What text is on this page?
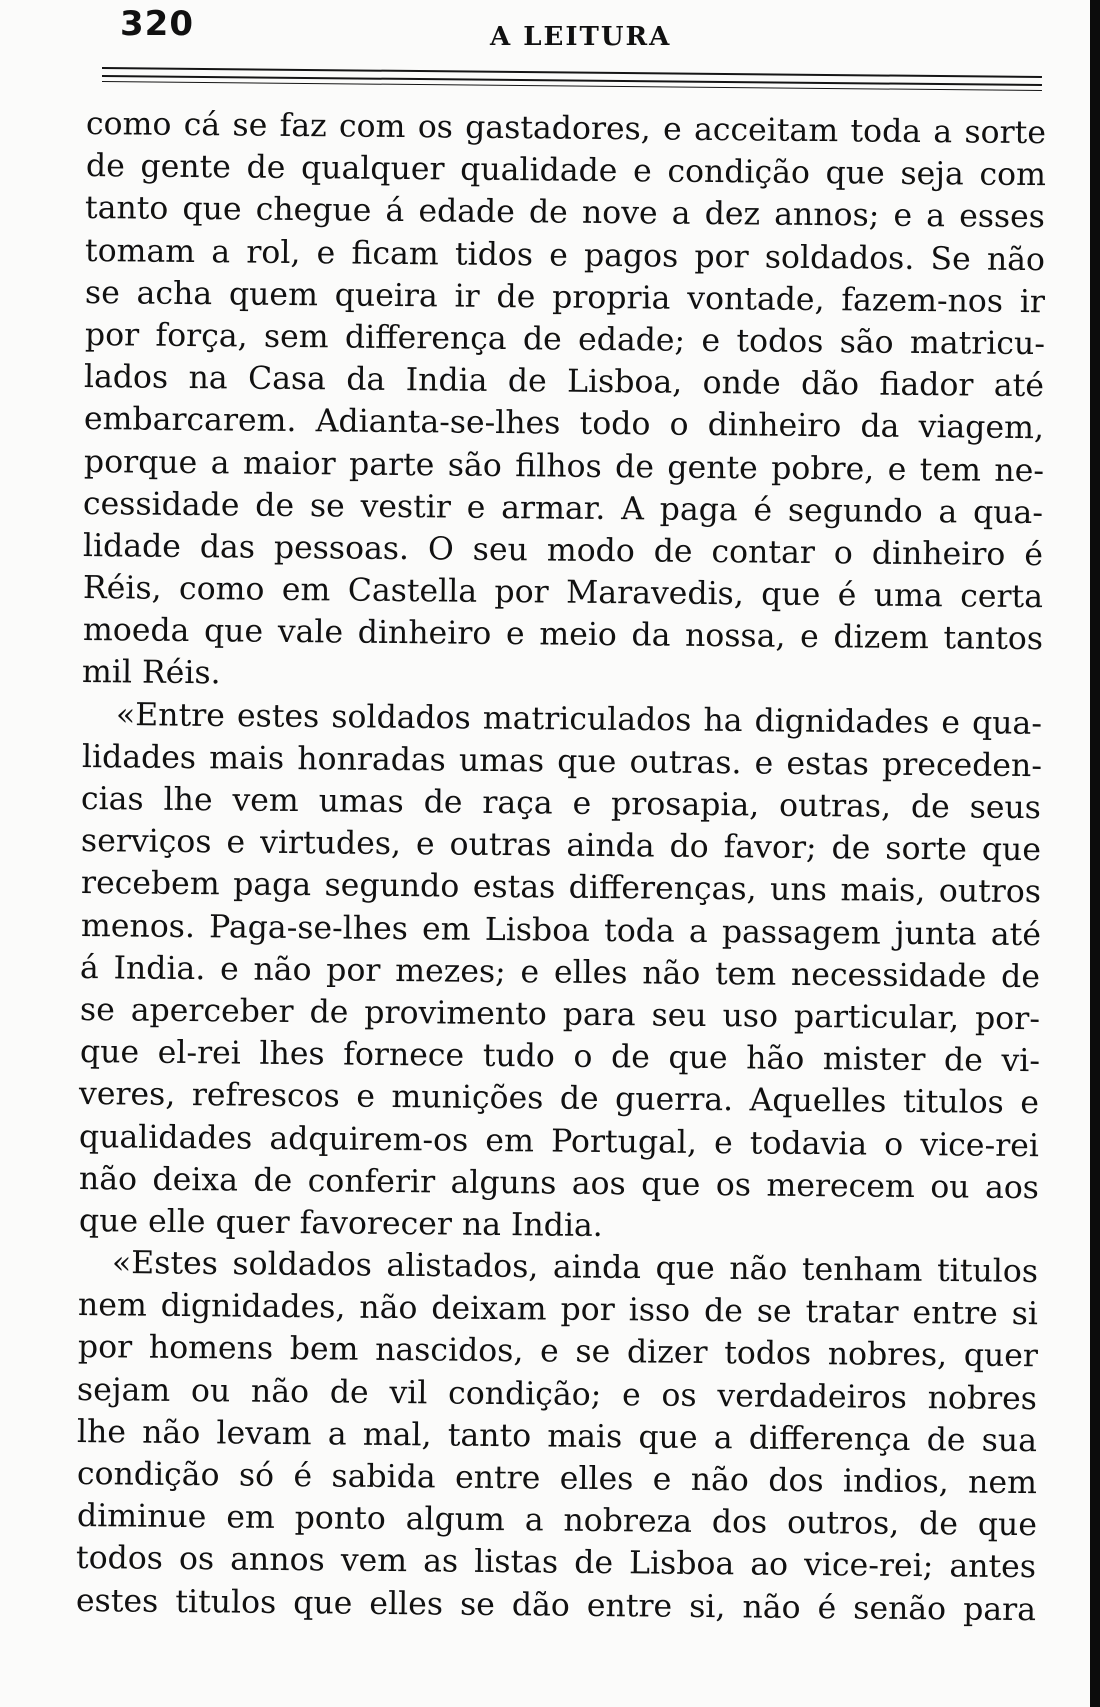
320	A LEITURA
como cá se faz com os gastadores, e acceitam toda a sorte
de gente de qualquer qualidade e condição que seja com
tanto que chegue á edade de nove a dez annos; e a esses
tomam a rol, e ficam tidos e pagos por soldados. Se não
se acha quem queira ir de propria vontade, fazem-nos ir
por força, sem differença de edade; e todos são matricu-
lados na Casa da India de Lisboa, onde dão fiador até
embarcarem. Adianta-se-lhes todo o dinheiro da viagem,
porque a maior parte são filhos de gente pobre, e tem ne-
cessidade de se vestir e armar. A paga é segundo a qua-
lidade das pessoas. O seu modo de contar o dinheiro é
Réis, como em Castella por Maravedis, que é uma certa
moeda que vale dinheiro e meio da nossa, e dizem tantos
mil Réis.
«Entre estes soldados matriculados ha dignidades e qua-
lidades mais honradas umas que outras. e estas preceden-
cias lhe vem umas de raça e prosapia, outras, de seus
serviços e virtudes, e outras ainda do favor; de sorte que
recebem paga segundo estas differenças, uns mais, outros
menos. Paga-se-lhes em Lisboa toda a passagem junta até
á India. e não por mezes; e elles não tem necessidade de
se aperceber de provimento para seu uso particular, por-
que el-rei lhes fornece tudo o de que hão mister de vi-
veres, refrescos e munições de guerra. Aquelles titulos e
qualidades adquirem-os em Portugal, e todavia o vice-rei
não deixa de conferir alguns aos que os merecem ou aos
que elle quer favorecer na India.
«Estes soldados alistados, ainda que não tenham titulos
nem dignidades, não deixam por isso de se tratar entre si
por homens bem nascidos, e se dizer todos nobres, quer
sejam ou não de vil condição; e os verdadeiros nobres
lhe não levam a mal, tanto mais que a differença de sua
condição só é sabida entre elles e não dos indios, nem
diminue em ponto algum a nobreza dos outros, de que
todos os annos vem as listas de Lisboa ao vice-rei; antes
estes titulos que elles se dão entre si, não é senão para
